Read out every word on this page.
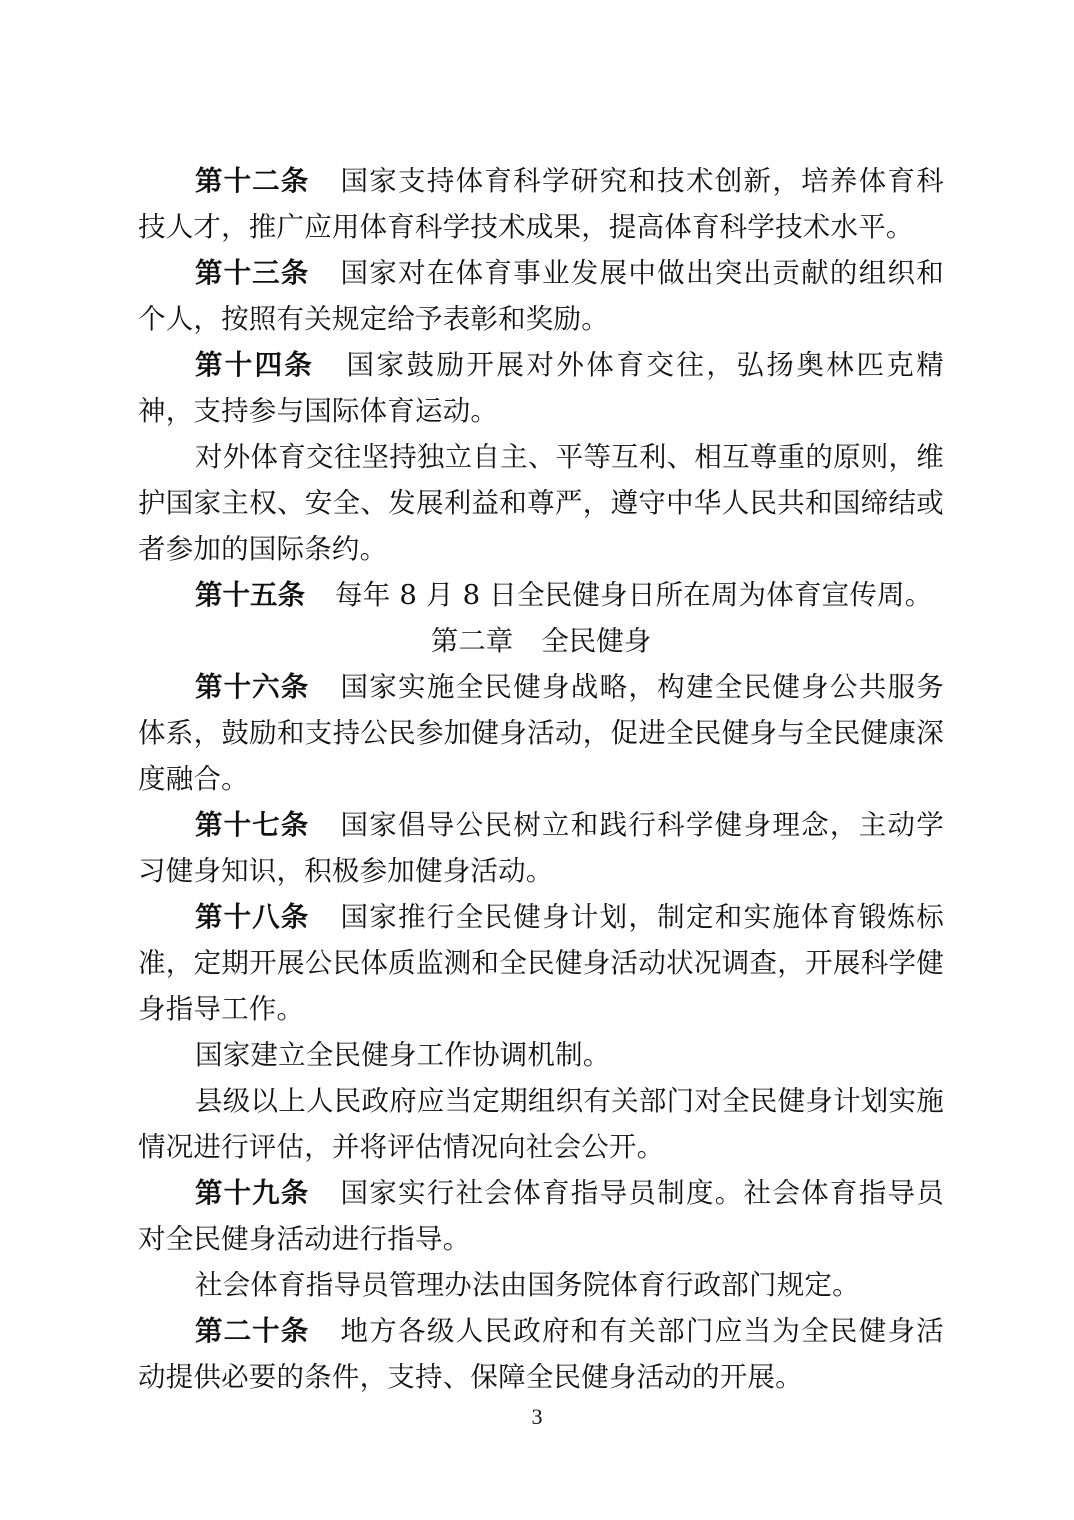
第十二条 国家支持体育科学研究和技术创新，培养体育科技人才，推广应用体育科学技术成果，提高体育科学技术水平。

第十三条 国家对在体育事业发展中做出突出贡献的组织和个人，按照有关规定给予表彰和奖励。

第十四条 国家鼓励开展对外体育交往，弘扬奥林匹克精神，支持参与国际体育运动。

对外体育交往坚持独立自主、平等互利、相互尊重的原则，维护国家主权、安全、发展利益和尊严，遵守中华人民共和国缔结或者参加的国际条约。

第十五条 每年 8 月 8 日全民健身日所在周为体育宣传周。

第二章 全民健身

第十六条 国家实施全民健身战略，构建全民健身公共服务体系，鼓励和支持公民参加健身活动，促进全民健身与全民健康深度融合。

第十七条 国家倡导公民树立和践行科学健身理念，主动学习健身知识，积极参加健身活动。

第十八条 国家推行全民健身计划，制定和实施体育锻炼标准，定期开展公民体质监测和全民健身活动状况调查，开展科学健身指导工作。

国家建立全民健身工作协调机制。

县级以上人民政府应当定期组织有关部门对全民健身计划实施情况进行评估，并将评估情况向社会公开。

第十九条 国家实行社会体育指导员制度。社会体育指导员对全民健身活动进行指导。

社会体育指导员管理办法由国务院体育行政部门规定。

第二十条 地方各级人民政府和有关部门应当为全民健身活动提供必要的条件，支持、保障全民健身活动的开展。

3
